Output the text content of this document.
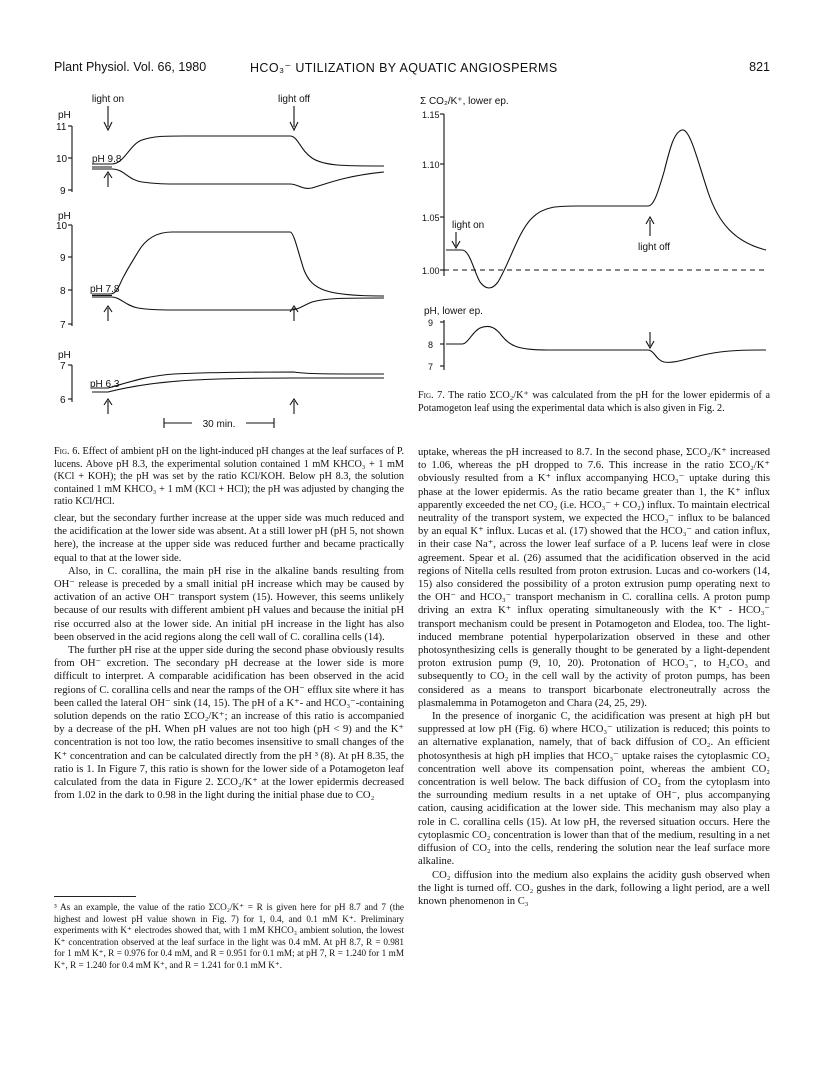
Plant Physiol. Vol. 66, 1980	HCO₃⁻ UTILIZATION BY AQUATIC ANGIOSPERMS	821
light on	light off
pH
11
10
9
pH 9.8
pH
10
9
8
7
pH 7.8
pH
7
6
pH 6.3
30 min.
Fig. 6. Effect of ambient pH on the light-induced pH changes at the leaf surfaces of P. lucens. Above pH 8.3, the experimental solution contained 1 mM KHCO₃ + 1 mM (KCl + KOH); the pH was set by the ratio KCl/KOH. Below pH 8.3, the solution contained 1 mM KHCO₃ + 1 mM (KCl + HCl); the pH was adjusted by changing the ratio KCl/HCl.
Σ CO₂/K⁺, lower ep.
1.15
1.10
1.05
1.00
light on
light off
pH, lower ep.
9
8
7
Fig. 7. The ratio ΣCO₂/K⁺ was calculated from the pH for the lower epidermis of a Potamogeton leaf using the experimental data which is also given in Fig. 2.

clear, but the secondary further increase at the upper side was much reduced and the acidification at the lower side was absent. At a still lower pH (pH 5, not shown here), the increase at the upper side was reduced further and became practically equal to that at the lower side.

Also, in C. corallina, the main pH rise in the alkaline bands resulting from OH⁻ release is preceded by a small initial pH increase which may be caused by activation of an active OH⁻ transport system (15). However, this seems unlikely because of our results with different ambient pH values and because the initial pH rise occurred also at the lower side. An initial pH increase in the light has also been observed in the acid regions along the cell wall of C. corallina cells (14).

The further pH rise at the upper side during the second phase obviously results from OH⁻ excretion. The secondary pH decrease at the lower side is more difficult to interpret. A comparable acidification has been observed in the acid regions of C. corallina cells and near the ramps of the OH⁻ efflux site where it has been called the lateral OH⁻ sink (14, 15). The pH of a K⁺- and HCO₃⁻-containing solution depends on the ratio ΣCO₂/K⁺; an increase of this ratio is accompanied by a decrease of the pH. When pH values are not too high (pH < 9) and the K⁺ concentration is not too low, the ratio becomes insensitive to small changes of the K⁺ concentration and can be calculated directly from the pH ³ (8). At pH 8.35, the ratio is 1. In Figure 7, this ratio is shown for the lower side of a Potamogeton leaf calculated from the data in Figure 2. ΣCO₂/K⁺ at the lower epidermis decreased from 1.02 in the dark to 0.98 in the light during the initial phase due to CO₂

³ As an example, the value of the ratio ΣCO₂/K⁺ = R is given here for pH 8.7 and 7 (the highest and lowest pH value shown in Fig. 7) for 1, 0.4, and 0.1 mM K⁺. Preliminary experiments with K⁺ electrodes showed that, with 1 mM KHCO₃ ambient solution, the lowest K⁺ concentration observed at the leaf surface in the light was 0.4 mM. At pH 8.7, R = 0.981 for 1 mM K⁺, R = 0.976 for 0.4 mM, and R = 0.951 for 0.1 mM; at pH 7, R = 1.240 for 1 mM K⁺, R = 1.240 for 0.4 mM K⁺, and R = 1.241 for 0.1 mM K⁺.

uptake, whereas the pH increased to 8.7. In the second phase, ΣCO₂/K⁺ increased to 1.06, whereas the pH dropped to 7.6. This increase in the ratio ΣCO₂/K⁺ obviously resulted from a K⁺ influx accompanying HCO₃⁻ uptake during this phase at the lower epidermis. As the ratio became greater than 1, the K⁺ influx apparently exceeded the net CO₂ (i.e. HCO₃⁻ + CO₂) influx. To maintain electrical neutrality of the transport system, we expected the HCO₃⁻ influx to be balanced by an equal K⁺ influx. Lucas et al. (17) showed that the HCO₃⁻ and cation influx, in their case Na⁺, across the lower leaf surface of a P. lucens leaf were in close agreement. Spear et al. (26) assumed that the acidification observed in the acid regions of Nitella cells resulted from proton extrusion. Lucas and co-workers (14, 15) also considered the possibility of a proton extrusion pump operating next to the OH⁻ and HCO₃⁻ transport mechanism in C. corallina cells. A proton pump driving an extra K⁺ influx operating simultaneously with the K⁺ - HCO₃⁻ transport mechanism could be present in Potamogeton and Elodea, too. The light-induced membrane potential hyperpolarization observed in these and other photosynthesizing cells is generally thought to be generated by a light-dependent proton extrusion pump (9, 10, 20). Protonation of HCO₃⁻, to H₂CO₃ and subsequently to CO₂ in the cell wall by the activity of proton pumps, has been considered as a means to transport bicarbonate electroneutrally across the plasmalemma in Potamogeton and Chara (24, 25, 29).

In the presence of inorganic C, the acidification was present at high pH but suppressed at low pH (Fig. 6) where HCO₃⁻ utilization is reduced; this points to an alternative explanation, namely, that of back diffusion of CO₂. An efficient photosynthesis at high pH implies that HCO₃⁻ uptake raises the cytoplasmic CO₂ concentration well above its compensation point, whereas the ambient CO₂ concentration is well below. The back diffusion of CO₂ from the cytoplasm into the surrounding medium results in a net uptake of OH⁻, plus accompanying cation, causing acidification at the lower side. This mechanism may also play a role in C. corallina cells (15). At low pH, the reversed situation occurs. Here the cytoplasmic CO₂ concentration is lower than that of the medium, resulting in a net diffusion of CO₂ into the cells, rendering the solution near the leaf surface more alkaline.

CO₂ diffusion into the medium also explains the acidity gush observed when the light is turned off. CO₂ gushes in the dark, following a light period, are a well known phenomenon in C₃
